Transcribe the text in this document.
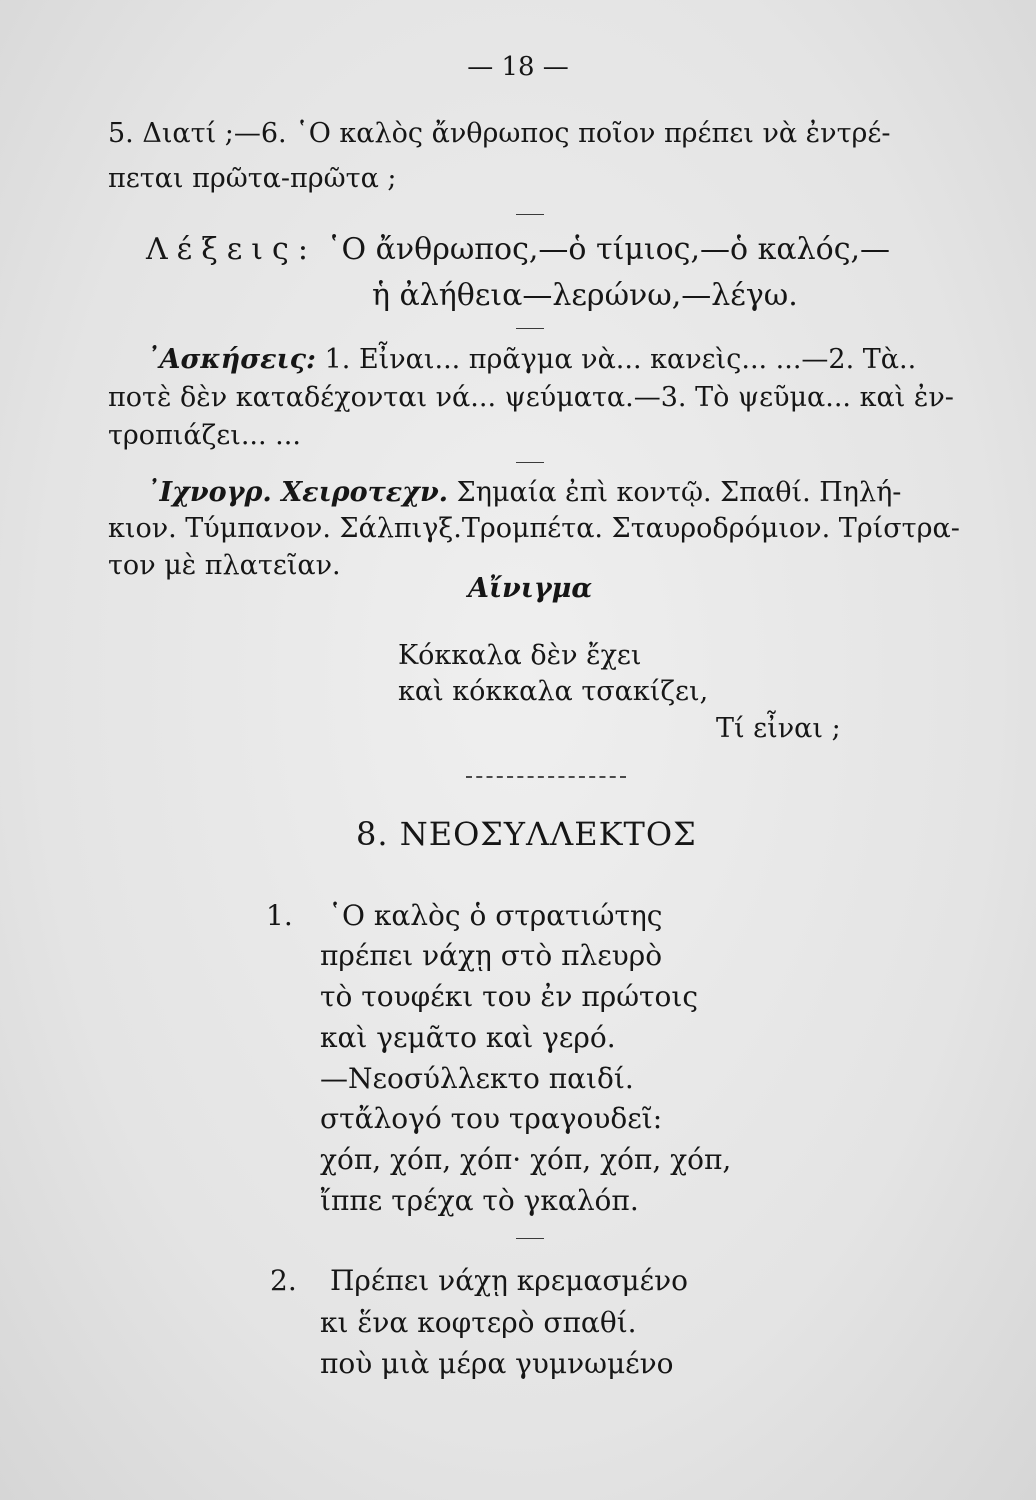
— 18 —
5. Διατί ;—6. ῾Ο καλὸς ἄνθρωπος ποῖον πρέπει νὰ ἐντρέ-
πεται πρῶτα-πρῶτα ;
Λέξεις: ῾Ο ἄνθρωπος,—ὁ τίμιος,—ὁ καλός,—
ἡ ἀλήθεια—λερώνω,—λέγω.
᾿Ασκήσεις: 1. Εἶναι... πρᾶγμα νὰ... κανεὶς... ...—2. Τὰ..
ποτὲ δὲν καταδέχονται νά... ψεύματα.—3. Τὸ ψεῦμα... καὶ ἐν-
τροπιάζει... ...
᾿Ιχνογρ. Χειροτεχν. Σημαία ἐπὶ κοντῷ. Σπαθί. Πηλή-
κιον. Τύμπανον. Σάλπιγξ.Τρομπέτα. Σταυροδρόμιον. Τρίστρα-
τον μὲ πλατεῖαν.
Αἴνιγμα
Κόκκαλα δὲν ἔχει
καὶ κόκκαλα τσακίζει,
Τί εἶναι ;
8. ΝΕΟΣΥΛΛΕΚΤΟΣ
1. ῾Ο καλὸς ὁ στρατιώτης
πρέπει νάχῃ στὸ πλευρὸ
τὸ τουφέκι του ἐν πρώτοις
καὶ γεμᾶτο καὶ γερό.
—Νεοσύλλεκτο παιδί.
στἄλογό του τραγουδεῖ:
χόπ, χόπ, χόπ· χόπ, χόπ, χόπ,
ἴππε τρέχα τὸ γκαλόπ.
2. Πρέπει νάχῃ κρεμασμένο
κι ἕνα κοφτερὸ σπαθί.
ποὺ μιὰ μέρα γυμνωμένο
